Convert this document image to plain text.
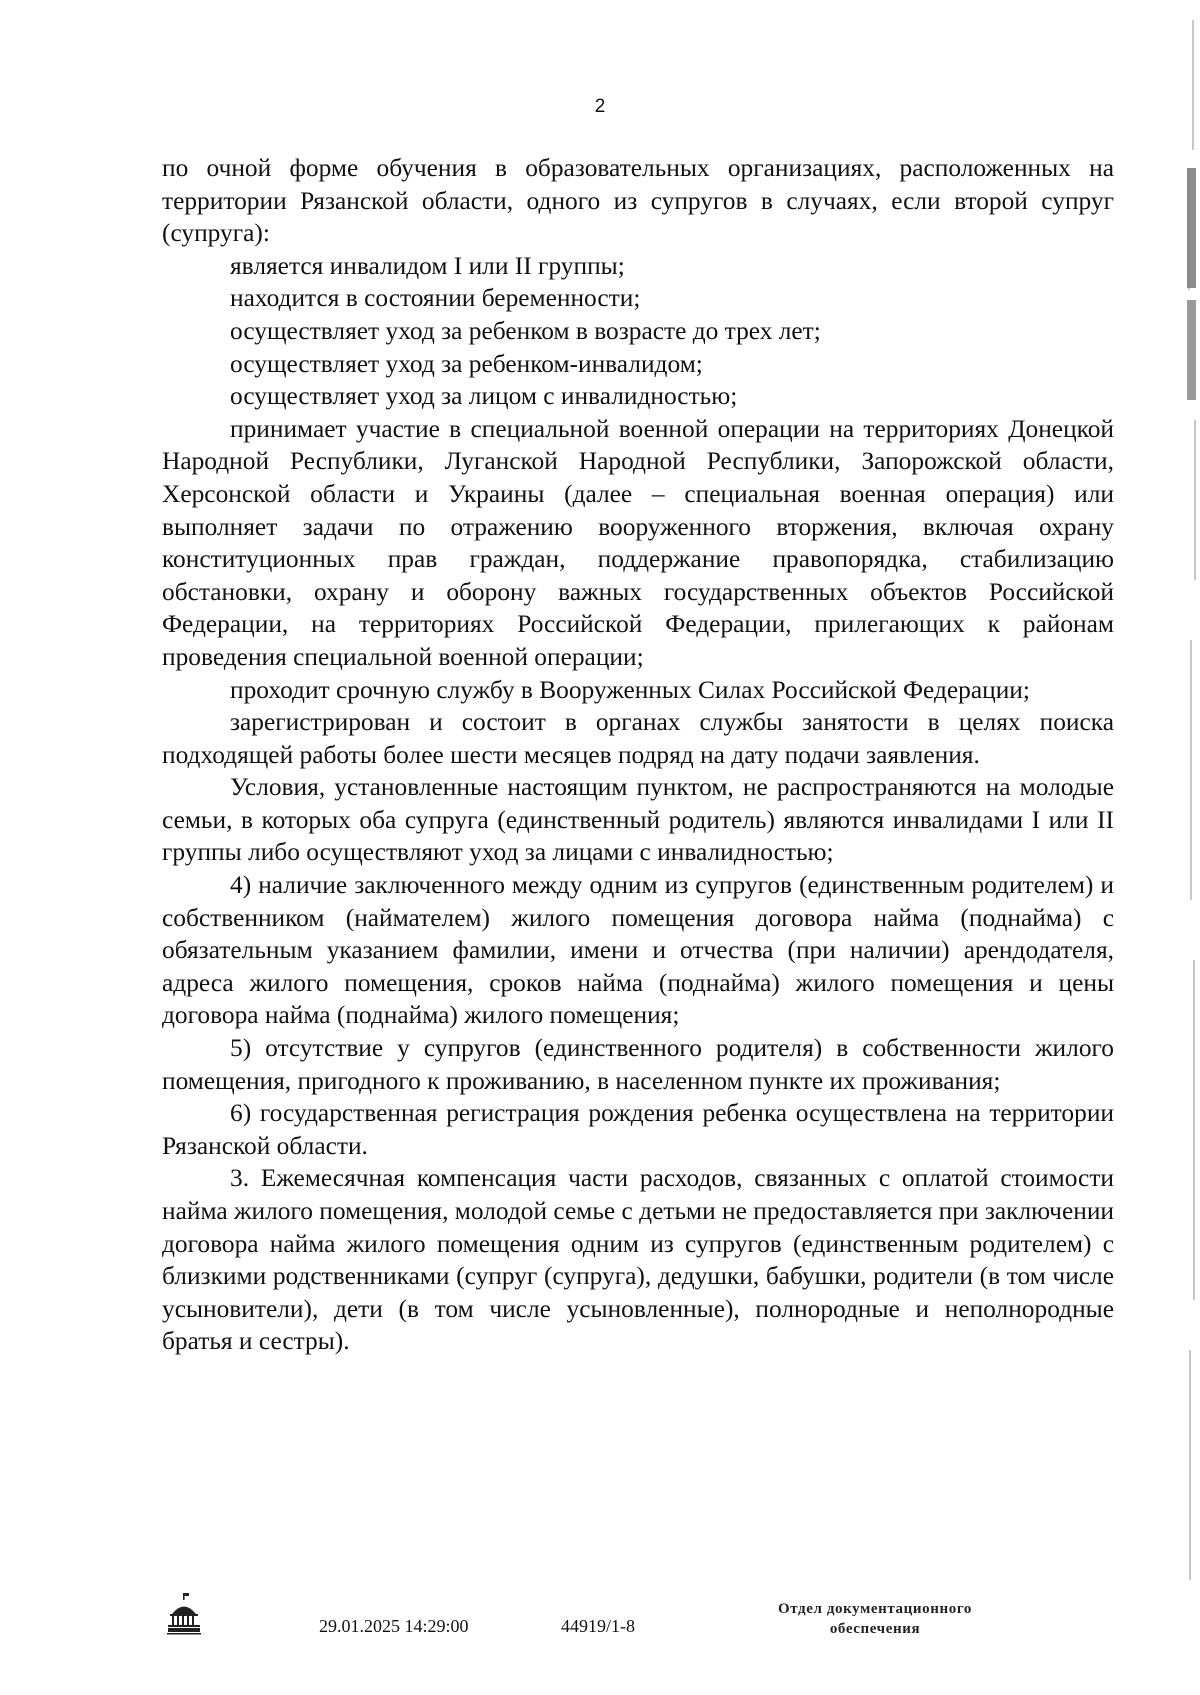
2

по очной форме обучения в образовательных организациях, расположенных на территории Рязанской области, одного из супругов в случаях, если второй супруг (супруга):

является инвалидом I или II группы;

находится в состоянии беременности;

осуществляет уход за ребенком в возрасте до трех лет;

осуществляет уход за ребенком-инвалидом;

осуществляет уход за лицом с инвалидностью;

принимает участие в специальной военной операции на территориях Донецкой Народной Республики, Луганской Народной Республики, Запорожской области, Херсонской области и Украины (далее – специальная военная операция) или выполняет задачи по отражению вооруженного вторжения, включая охрану конституционных прав граждан, поддержание правопорядка, стабилизацию обстановки, охрану и оборону важных государственных объектов Российской Федерации, на территориях Российской Федерации, прилегающих к районам проведения специальной военной операции;

проходит срочную службу в Вооруженных Силах Российской Федерации;

зарегистрирован и состоит в органах службы занятости в целях поиска подходящей работы более шести месяцев подряд на дату подачи заявления.

Условия, установленные настоящим пунктом, не распространяются на молодые семьи, в которых оба супруга (единственный родитель) являются инвалидами I или II группы либо осуществляют уход за лицами с инвалидностью;

4) наличие заключенного между одним из супругов (единственным родителем) и собственником (наймателем) жилого помещения договора найма (поднайма) с обязательным указанием фамилии, имени и отчества (при наличии) арендодателя, адреса жилого помещения, сроков найма (поднайма) жилого помещения и цены договора найма (поднайма) жилого помещения;

5) отсутствие у супругов (единственного родителя) в собственности жилого помещения, пригодного к проживанию, в населенном пункте их проживания;

6) государственная регистрация рождения ребенка осуществлена на территории Рязанской области.

3. Ежемесячная компенсация части расходов, связанных с оплатой стоимости найма жилого помещения, молодой семье с детьми не предоставляется при заключении договора найма жилого помещения одним из супругов (единственным родителем) с близкими родственниками (супруг (супруга), дедушки, бабушки, родители (в том числе усыновители), дети (в том числе усыновленные), полнородные и неполнородные братья и сестры).

29.01.2025 14:29:00	44919/1-8
Отдел документационного
обеспечения
